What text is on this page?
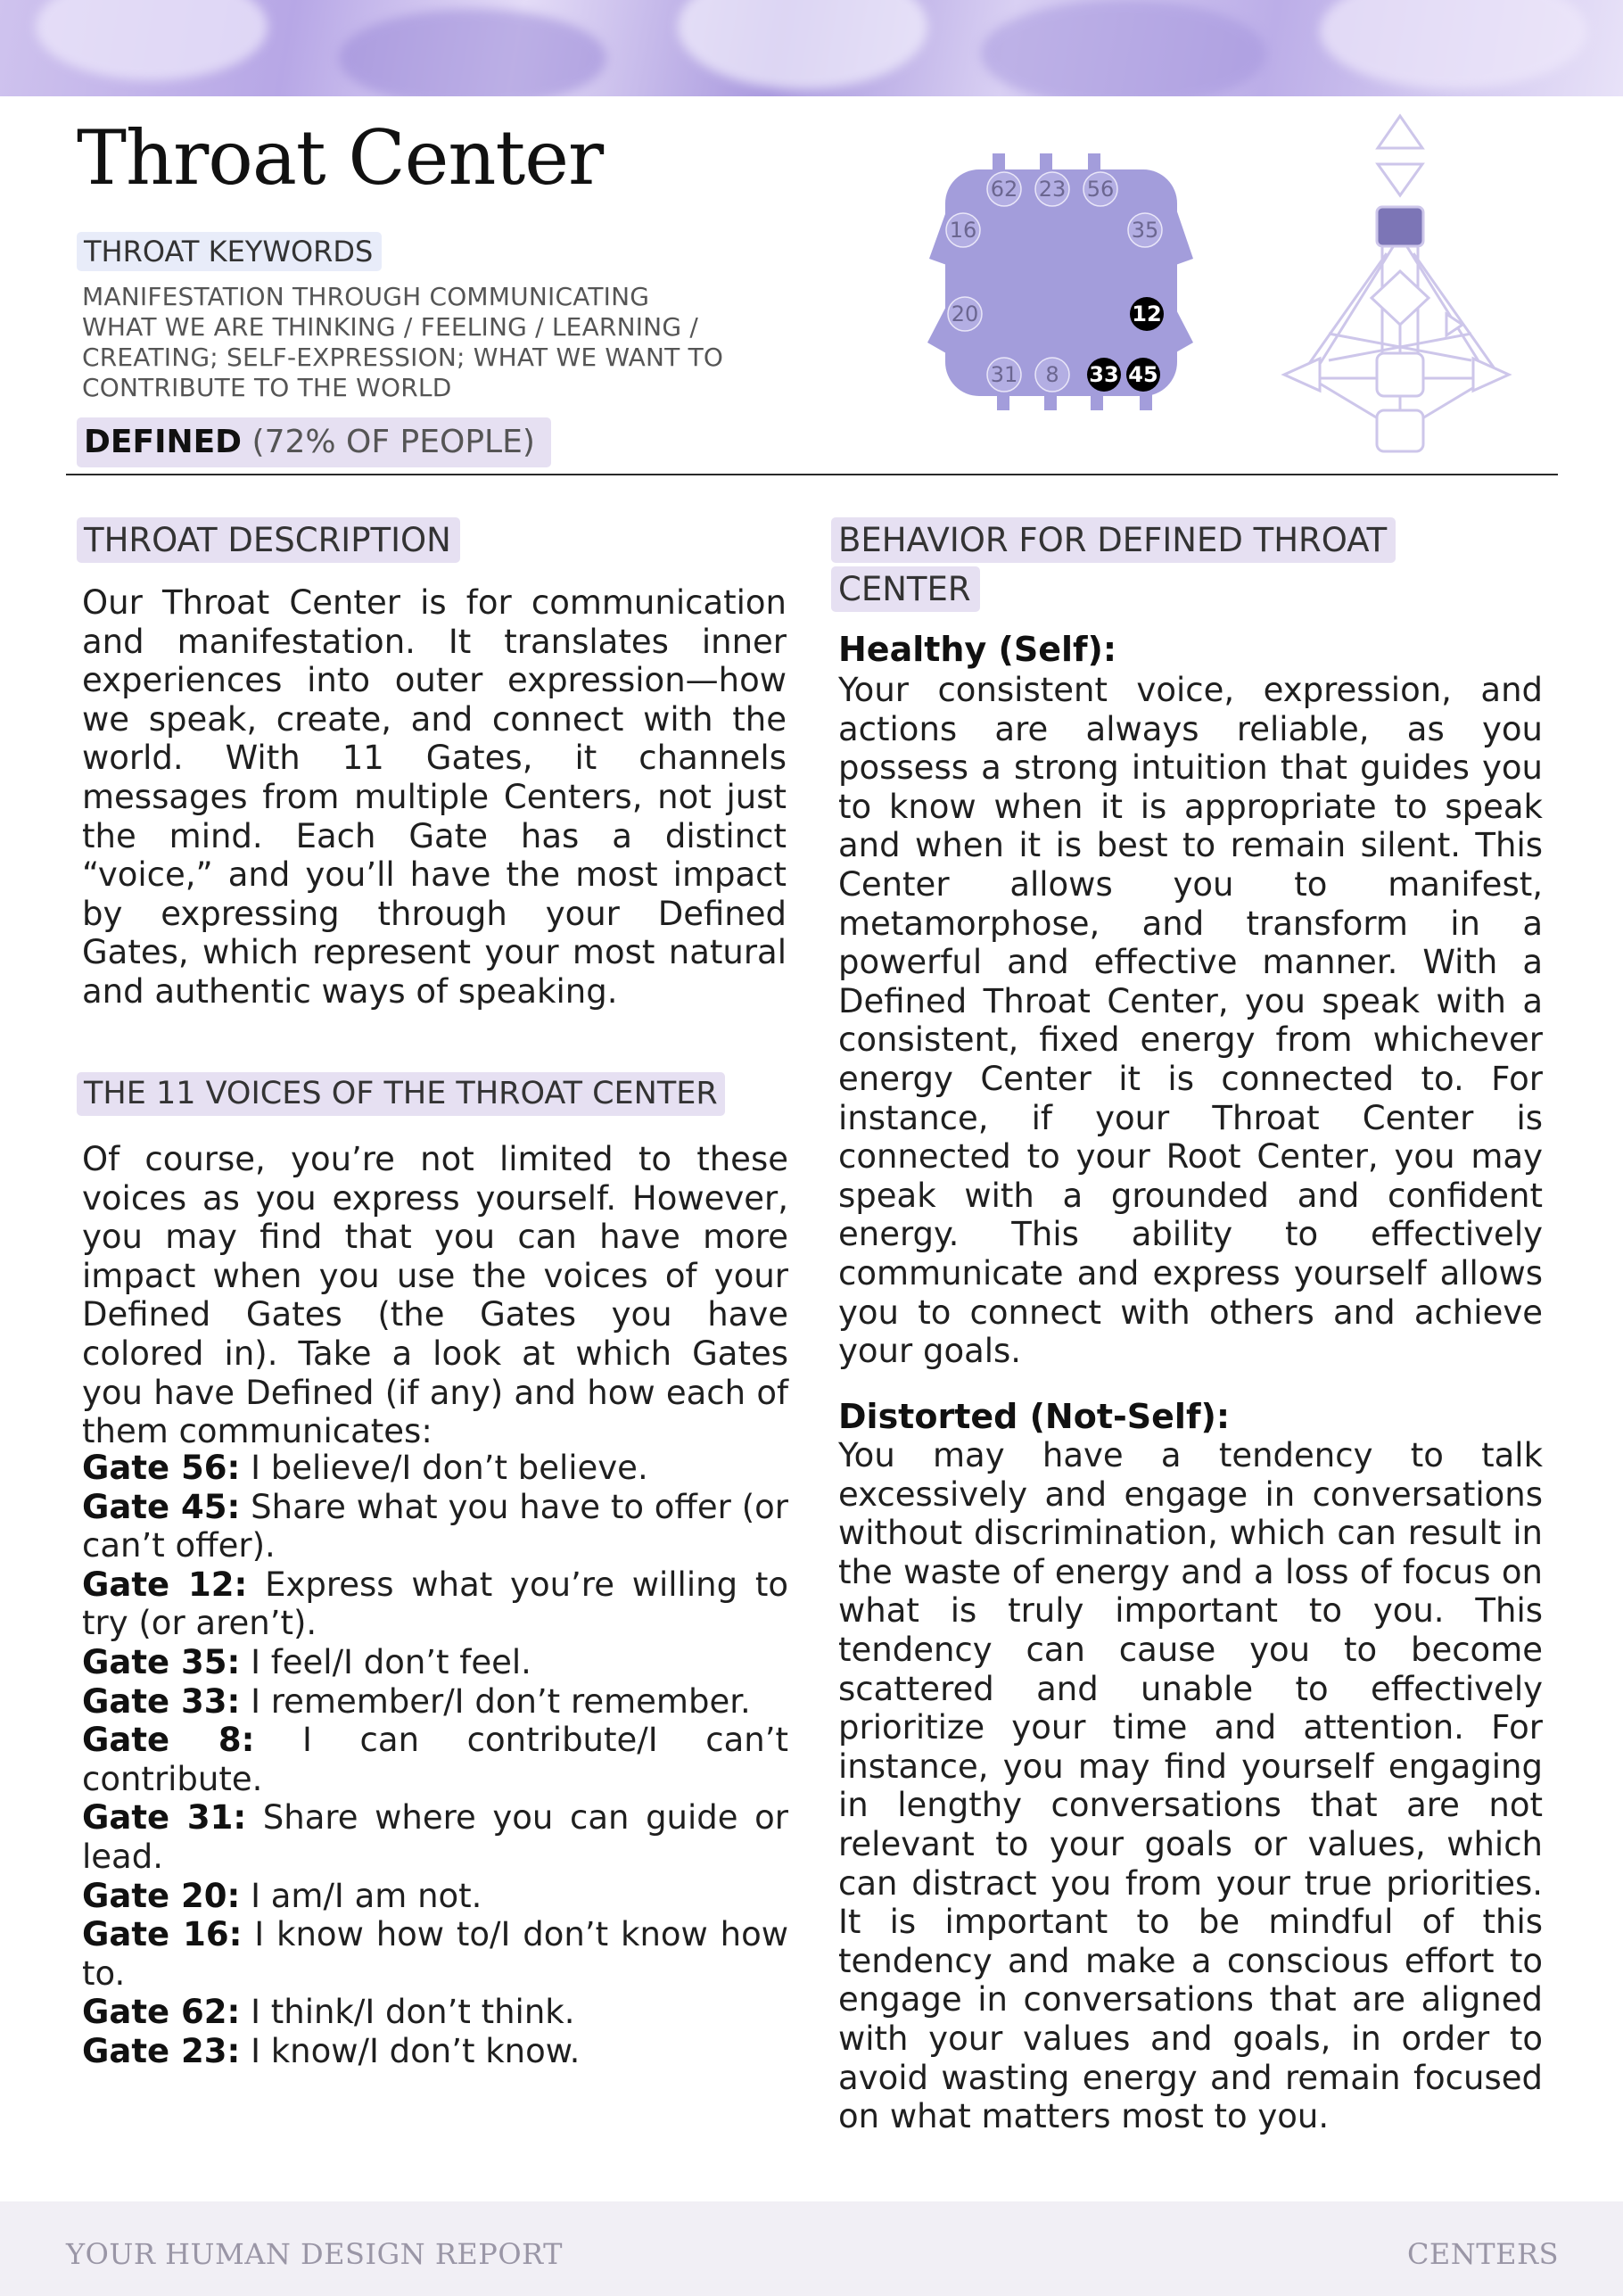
Throat Center
THROAT KEYWORDS
MANIFESTATION THROUGH COMMUNICATING
WHAT WE ARE THINKING / FEELING / LEARNING /
CREATING; SELF-EXPRESSION; WHAT WE WANT TO
CONTRIBUTE TO THE WORLD
DEFINED (72% OF PEOPLE)
62 23 56
16	35
20	12
31 8 33 45
THROAT DESCRIPTION

Our Throat Center is for communication and manifestation. It translates inner experiences into outer expression—how we speak, create, and connect with the world. With 11 Gates, it channels messages from multiple Centers, not just the mind. Each Gate has a distinct “voice,” and you’ll have the most impact by expressing through your Defined Gates, which represent your most natural and authentic ways of speaking.

THE 11 VOICES OF THE THROAT CENTER

Of course, you’re not limited to these voices as you express yourself. However, you may find that you can have more impact when you use the voices of your Defined Gates (the Gates you have colored in). Take a look at which Gates you have Defined (if any) and how each of them communicates:

Gate 56: I believe/I don’t believe.
Gate 45: Share what you have to offer (or can’t offer).
Gate 12: Express what you’re willing to try (or aren’t).
Gate 35: I feel/I don’t feel.
Gate 33: I remember/I don’t remember.
Gate 8: I can contribute/I can’t contribute.
Gate 31: Share where you can guide or lead.
Gate 20: I am/I am not.
Gate 16: I know how to/I don’t know how to.
Gate 62: I think/I don’t think.
Gate 23: I know/I don’t know.
BEHAVIOR FOR DEFINED THROAT
CENTER
Healthy (Self):

Your consistent voice, expression, and actions are always reliable, as you possess a strong intuition that guides you to know when it is appropriate to speak and when it is best to remain silent. This Center allows you to manifest, metamorphose, and transform in a powerful and effective manner. With a Defined Throat Center, you speak with a consistent, fixed energy from whichever energy Center it is connected to. For instance, if your Throat Center is connected to your Root Center, you may speak with a grounded and confident energy. This ability to effectively communicate and express yourself allows you to connect with others and achieve your goals.

Distorted (Not-Self):

You may have a tendency to talk excessively and engage in conversations without discrimination, which can result in the waste of energy and a loss of focus on what is truly important to you. This tendency can cause you to become scattered and unable to effectively prioritize your time and attention. For instance, you may find yourself engaging in lengthy conversations that are not relevant to your goals or values, which can distract you from your true priorities. It is important to be mindful of this tendency and make a conscious effort to engage in conversations that are aligned with your values and goals, in order to avoid wasting energy and remain focused on what matters most to you.

YOUR HUMAN DESIGN REPORT	CENTERS
